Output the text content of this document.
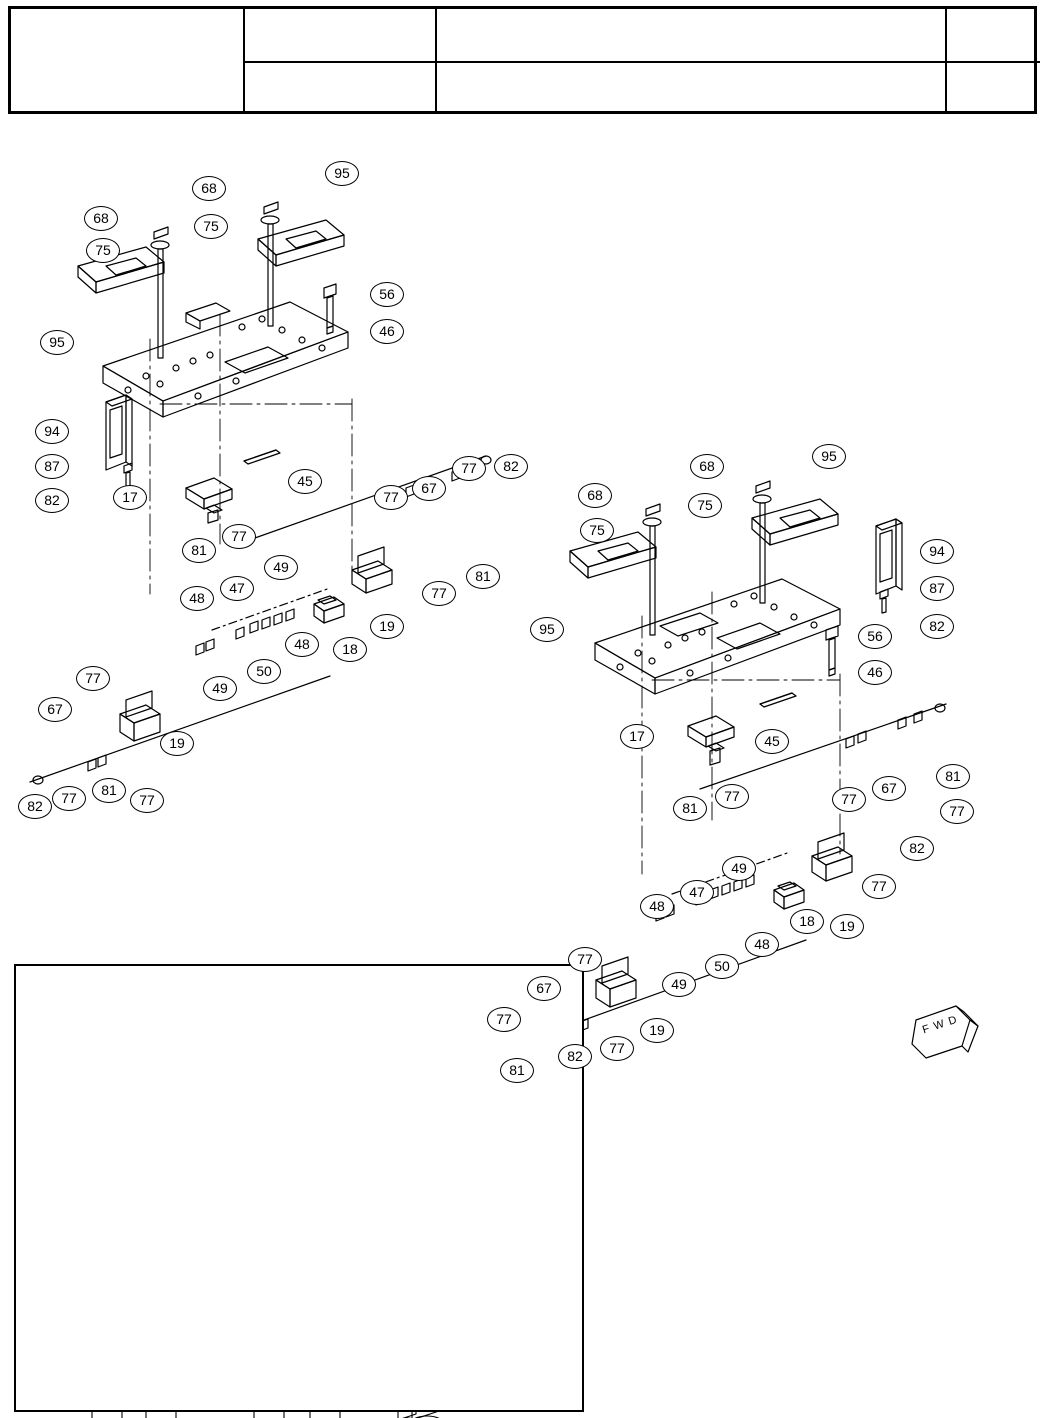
F W D
68
95
68	75
75
56
46
95
94
87
82	17
45
77
67
77	82
81
77
77
81
49
19
48
47
48	18
50
49
77
67
19
82	77	81
77
68
95
68
75
75
94
87
82
95	56
46
17	45
81
77	77
67
81
77
82
77
49
19
47
48
18
48
50
49
77
67
19
77
81
82	77
